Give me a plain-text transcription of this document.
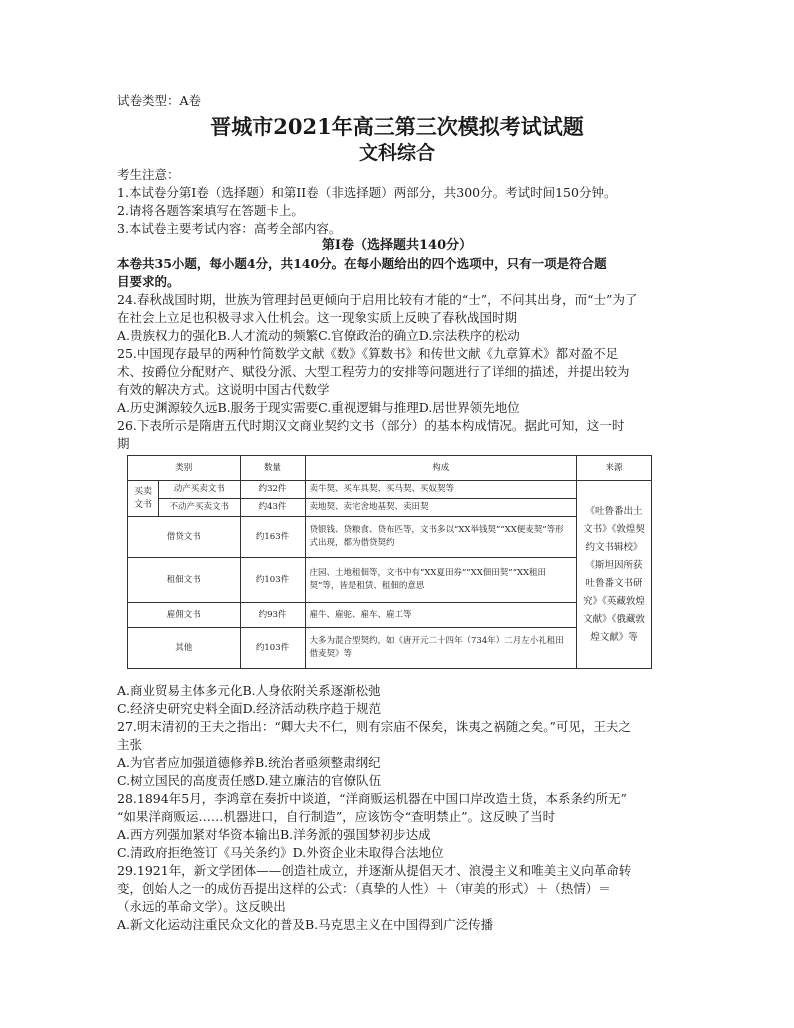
试卷类型：A卷
晋城市2021年高三第三次模拟考试试题
文科综合
考生注意：
1.本试卷分第I卷（选择题）和第II卷（非选择题）两部分，共300分。考试时间150分钟。
2.请将各题答案填写在答题卡上。
3.本试卷主要考试内容：高考全部内容。
第I卷（选择题共140分）
本卷共35小题，每小题4分，共140分。在每小题给出的四个选项中，只有一项是符合题
目要求的。
24.春秋战国时期，世族为管理封邑更倾向于启用比较有才能的“士”，不问其出身，而“士”为了
在社会上立足也积极寻求入仕机会。这一现象实质上反映了春秋战国时期
A.贵族权力的强化B.人才流动的频繁C.官僚政治的确立D.宗法秩序的松动
25.中国现存最早的两种竹简数学文献《数》《算数书》和传世文献《九章算术》都对盈不足
术、按爵位分配财产、赋役分派、大型工程劳力的安排等问题进行了详细的描述，并提出较为
有效的解决方式。这说明中国古代数学
A.历史渊源较久远B.服务于现实需要C.重视逻辑与推理D.居世界领先地位
26.下表所示是隋唐五代时期汉文商业契约文书（部分）的基本构成情况。据此可知，这一时
期
类别		数量	构成	来源
买卖文书	动产买卖文书	约32件	卖牛契、买车具契、买马契、买奴契等	《吐鲁番出土文书》《敦煌契约文书辑校》《斯坦因所获吐鲁番文书研究》《英藏敦煌文献》《俄藏敦煌文献》等
	不动产买卖文书	约43件	卖地契、卖宅舍地基契、卖田契	
借贷文书		约163件	贷银钱、贷粮食、贷布匹等，文书多以“XX举钱契”“XX便麦契”等形式出现，都为借贷契约	
租佃文书		约103件	庄园、土地租佃等，文书中有“XX夏田券”“XX佃田契”“XX租田契”等，皆是租赁、租佃的意思	
雇佣文书		约93件	雇牛、雇驼、雇车、雇工等	
其他		约103件	大多为混合型契约，如《唐开元二十四年（734年）二月左小礼租田借麦契》等	
A.商业贸易主体多元化B.人身依附关系逐渐松弛
C.经济史研究史料全面D.经济活动秩序趋于规范
27.明末清初的王夫之指出：“卿大夫不仁，则有宗庙不保矣，诛夷之祸随之矣。”可见，王夫之
主张
A.为官者应加强道德修养B.统治者亟须整肃纲纪
C.树立国民的高度责任感D.建立廉洁的官僚队伍
28.1894年5月，李鸿章在奏折中谈道，“洋商贩运机器在中国口岸改造土货，本系条约所无”
“如果洋商贩运……机器进口，自行制造”，应该饬令“查明禁止”。这反映了当时
A.西方列强加紧对华资本输出B.洋务派的强国梦初步达成
C.清政府拒绝签订《马关条约》D.外资企业未取得合法地位
29.1921年，新文学团体——创造社成立，并逐渐从提倡天才、浪漫主义和唯美主义向革命转
变，创始人之一的成仿吾提出这样的公式：（真挚的人性）＋（审美的形式）＋（热情）＝
（永远的革命文学）。这反映出
A.新文化运动注重民众文化的普及B.马克思主义在中国得到广泛传播
